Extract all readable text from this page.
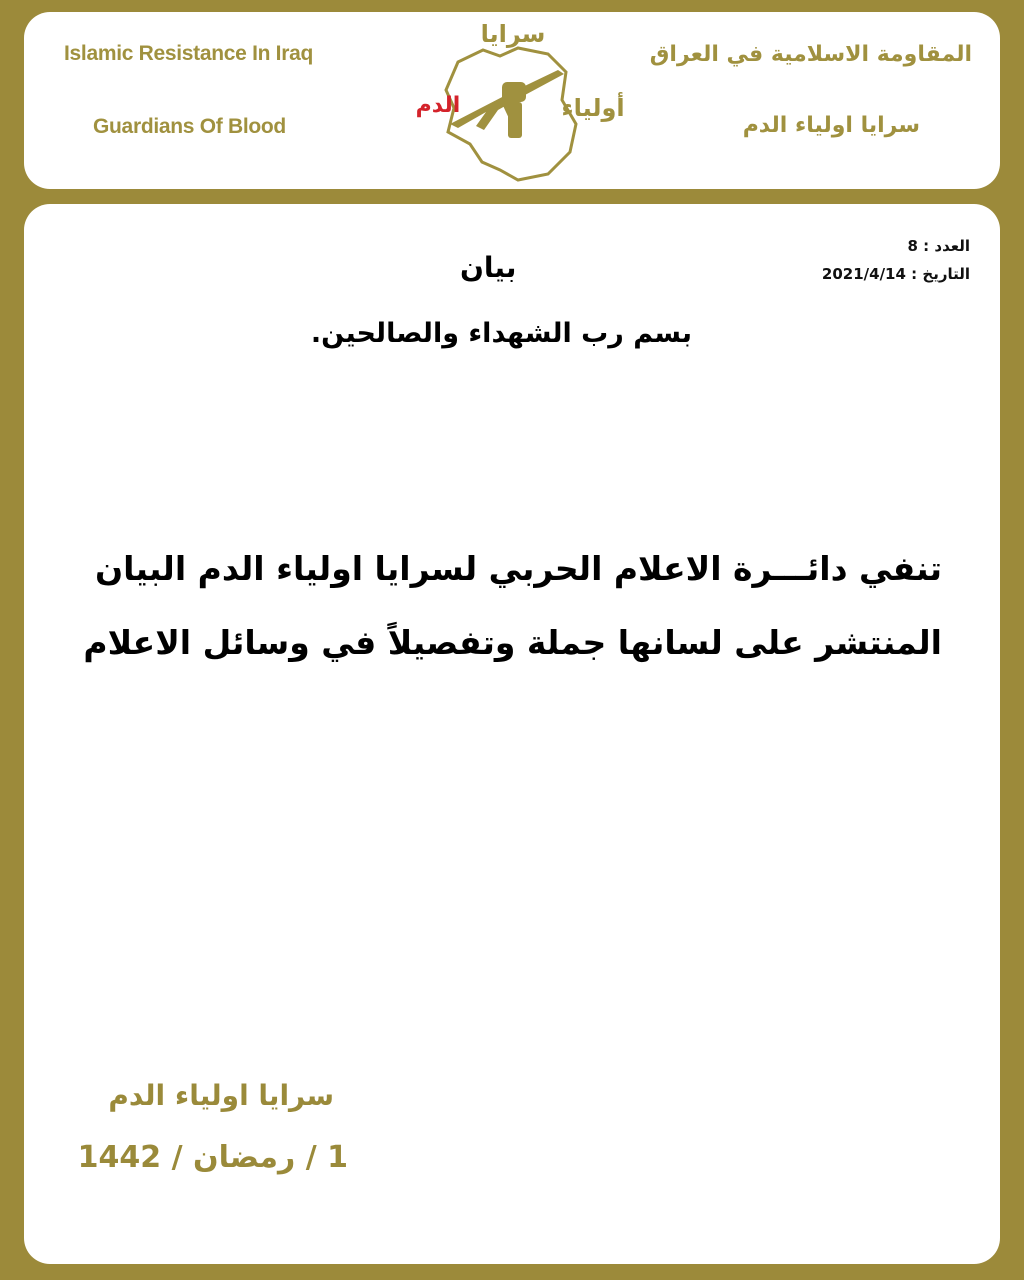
Islamic Resistance In Iraq
Guardians Of Blood
المقاومة الاسلامية في العراق
سرايا اولياء الدم
سرايا
الدم	أولياء
العدد : 8
التاريخ : 2021/4/14
بيان
بسم رب الشهداء والصالحين.
تنفي دائـــرة الاعلام الحربي لسرايا اولياء الدم البيان
المنتشر على لسانها جملة وتفصيلاً في وسائل الاعلام
سرايا اولياء الدم
1 / رمضان / 1442
